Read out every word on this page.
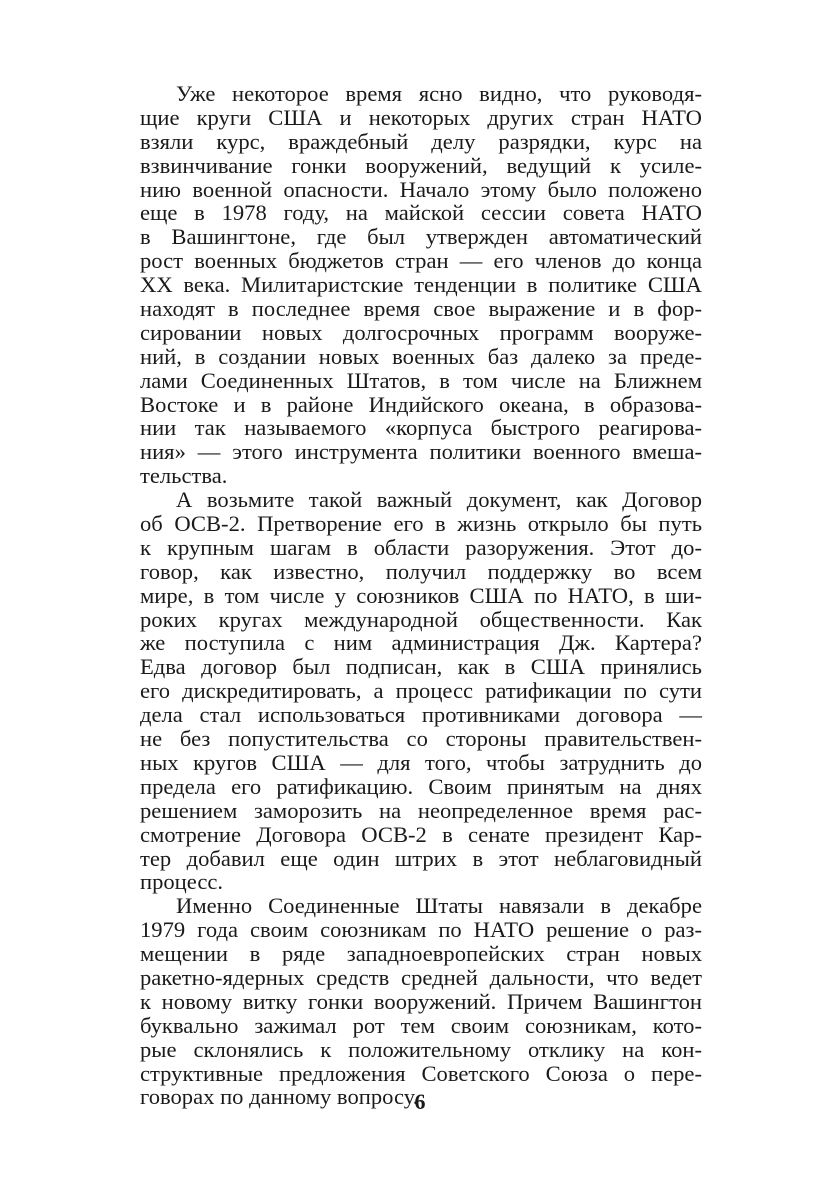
Уже некоторое время ясно видно, что руководя-
щие круги США и некоторых других стран НАТО
взяли курс, враждебный делу разрядки, курс на
взвинчивание гонки вооружений, ведущий к усиле-
нию военной опасности. Начало этому было положено
еще в 1978 году, на майской сессии совета НАТО
в Вашингтоне, где был утвержден автоматический
рост военных бюджетов стран — его членов до конца
XX века. Милитаристские тенденции в политике США
находят в последнее время свое выражение и в фор-
сировании новых долгосрочных программ вооруже-
ний, в создании новых военных баз далеко за преде-
лами Соединенных Штатов, в том числе на Ближнем
Востоке и в районе Индийского океана, в образова-
нии так называемого «корпуса быстрого реагирова-
ния» — этого инструмента политики военного вмеша-
тельства.
А возьмите такой важный документ, как Договор
об ОСВ-2. Претворение его в жизнь открыло бы путь
к крупным шагам в области разоружения. Этот до-
говор, как известно, получил поддержку во всем
мире, в том числе у союзников США по НАТО, в ши-
роких кругах международной общественности. Как
же поступила с ним администрация Дж. Картера?
Едва договор был подписан, как в США принялись
его дискредитировать, а процесс ратификации по сути
дела стал использоваться противниками договора —
не без попустительства со стороны правительствен-
ных кругов США — для того, чтобы затруднить до
предела его ратификацию. Своим принятым на днях
решением заморозить на неопределенное время рас-
смотрение Договора ОСВ-2 в сенате президент Кар-
тер добавил еще один штрих в этот неблаговидный
процесс.
Именно Соединенные Штаты навязали в декабре
1979 года своим союзникам по НАТО решение о раз-
мещении в ряде западноевропейских стран новых
ракетно-ядерных средств средней дальности, что ведет
к новому витку гонки вооружений. Причем Вашингтон
буквально зажимал рот тем своим союзникам, кото-
рые склонялись к положительному отклику на кон-
структивные предложения Советского Союза о пере-
говорах по данному вопросу.
6
